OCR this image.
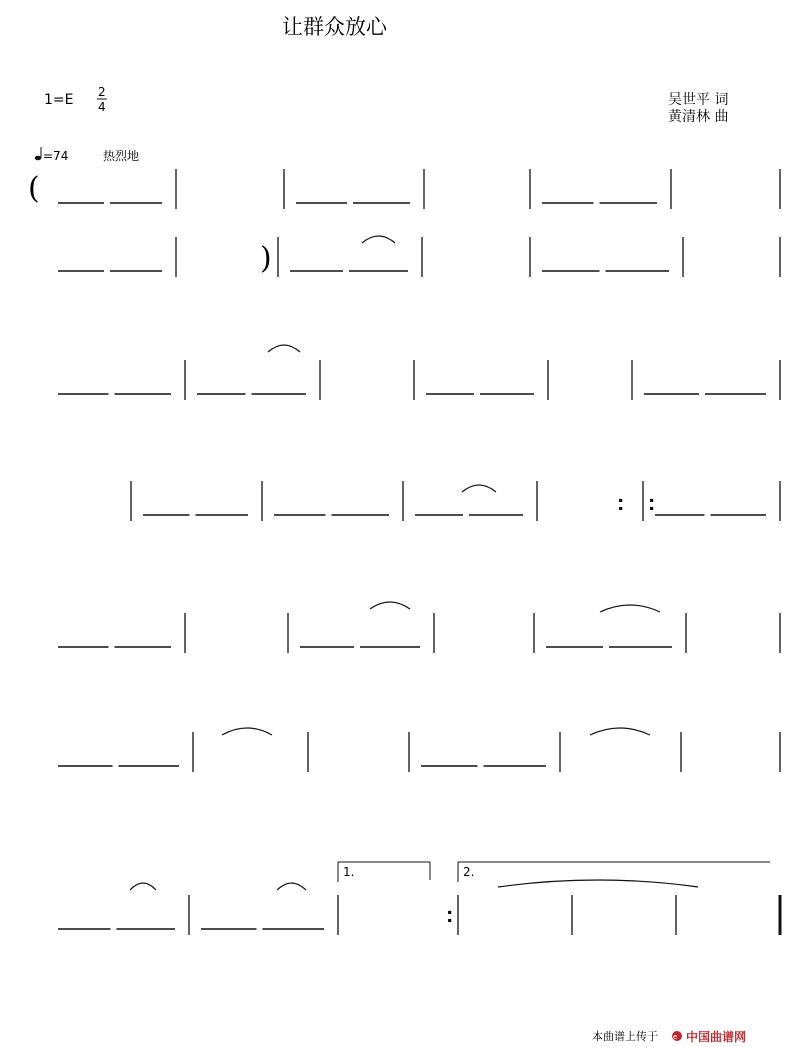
让群众放心
1=E 2
4	吴世平 词
黄清林 曲
=74	热烈地
(
)
:
:
:
1.	2.
本曲谱上传于 e 中国曲谱网
